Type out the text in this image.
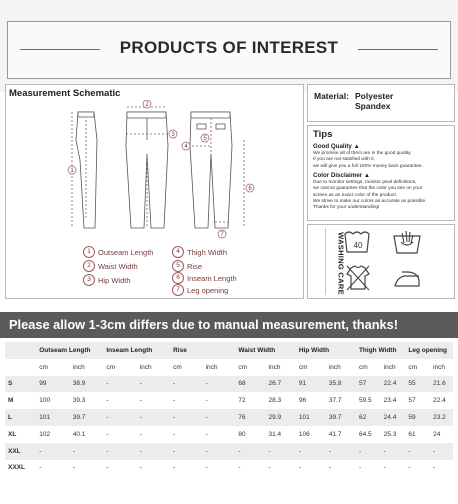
PRODUCTS OF INTEREST
Measurement Schematic
1
2
3
4
5
6
7
1 Outseam Length
2 Waist Width
3 Hip Width
4 Thigh Width
5 Rise
6 Inseam Length
7 Leg opening
Material: Polyester
Spandex
Tips
Good Quality ▲
We promise all of them are in the good quality.
If you are not satisfied with it,
we will give you a full 100% money back guarantee.
Color Disclaimer ▲
Due to monitor settings, monitor pixel definitions,
we cannot guarantee that the color you see on your
screen as an exact color of the product.
We strive to make our colors as accurate as possible.
Thanks for your understanding!
WASHING CARE 40
Please allow 1-3cm differs due to manual measurement, thanks!
	Outseam Length		Inseam Length		Rise		Waist Width		Hip Width		Thigh Width		Leg opening	
	cm	inch	cm	inch	cm	inch	cm	inch	cm	inch	cm	inch	cm	inch
S	99	38.9	-	-	-	-	68	26.7	91	35.8	57	22.4	55	21.6
M	100	39.3	-	-	-	-	72	28.3	96	37.7	59.5	23.4	57	22.4
L	101	39.7	-	-	-	-	76	29.9	101	39.7	62	24.4	59	23.2
XL	102	40.1	-	-	-	-	80	31.4	106	41.7	64.5	25.3	61	24
XXL	-	-	-	-	-	-	-	-	-	-	-	-	-	-
XXXL	-	-	-	-	-	-	-	-	-	-	-	-	-	-
